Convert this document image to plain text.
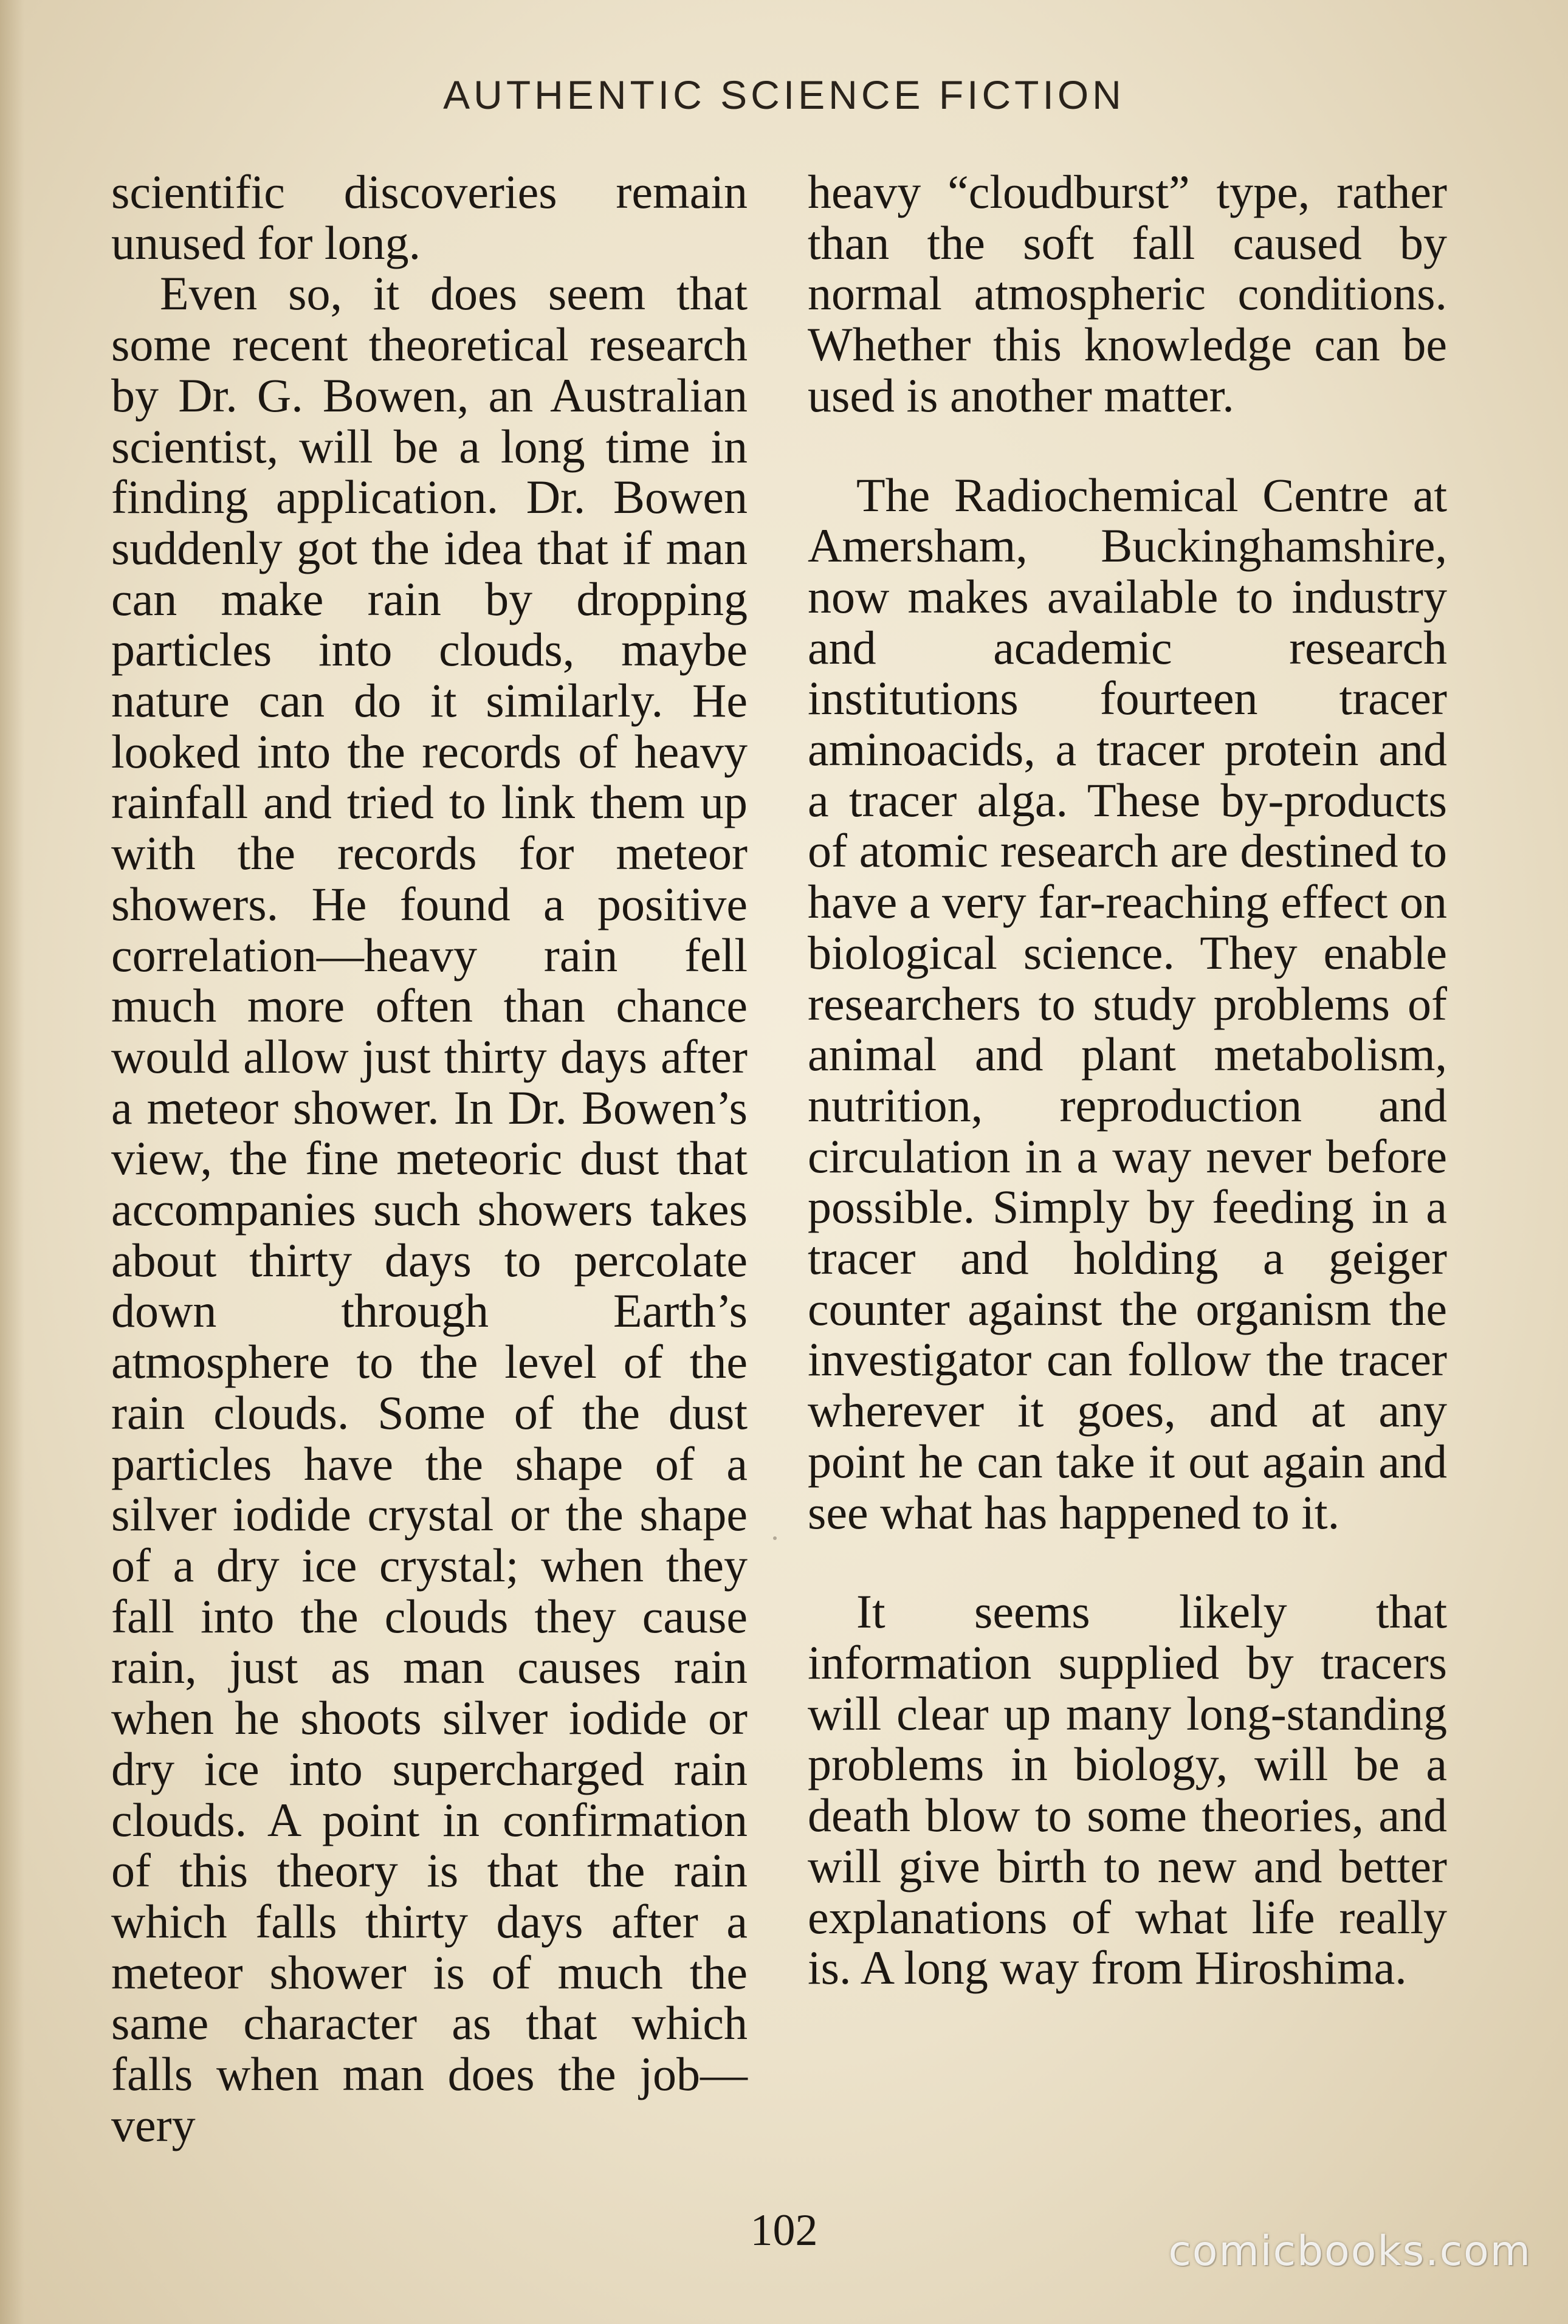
AUTHENTIC SCIENCE FICTION

scientific discoveries remain unused for long.

Even so, it does seem that some recent theoretical research by Dr. G. Bowen, an Australian scientist, will be a long time in finding application. Dr. Bowen suddenly got the idea that if man can make rain by dropping particles into clouds, maybe nature can do it similarly. He looked into the records of heavy rainfall and tried to link them up with the records for meteor showers. He found a positive correlation—heavy rain fell much more often than chance would allow just thirty days after a meteor shower. In Dr. Bowen’s view, the fine meteoric dust that accompanies such showers takes about thirty days to percolate down through Earth’s atmosphere to the level of the rain clouds. Some of the dust particles have the shape of a silver iodide crystal or the shape of a dry ice crystal; when they fall into the clouds they cause rain, just as man causes rain when he shoots silver iodide or dry ice into supercharged rain clouds. A point in confirmation of this theory is that the rain which falls thirty days after a meteor shower is of much the same character as that which falls when man does the job—very

heavy “cloudburst” type, rather than the soft fall caused by normal atmospheric conditions. Whether this knowledge can be used is another matter.

The Radiochemical Centre at Amersham, Buckinghamshire, now makes available to industry and academic research institutions fourteen tracer aminoacids, a tracer protein and a tracer alga. These by-products of atomic research are destined to have a very far-reaching effect on biological science. They enable researchers to study problems of animal and plant metabolism, nutrition, reproduction and circulation in a way never before possible. Simply by feeding in a tracer and holding a geiger counter against the organism the investigator can follow the tracer wherever it goes, and at any point he can take it out again and see what has happened to it.

It seems likely that information supplied by tracers will clear up many long-standing problems in biology, will be a death blow to some theories, and will give birth to new and better explanations of what life really is. A long way from Hiroshima.

102	comicbooks.com
